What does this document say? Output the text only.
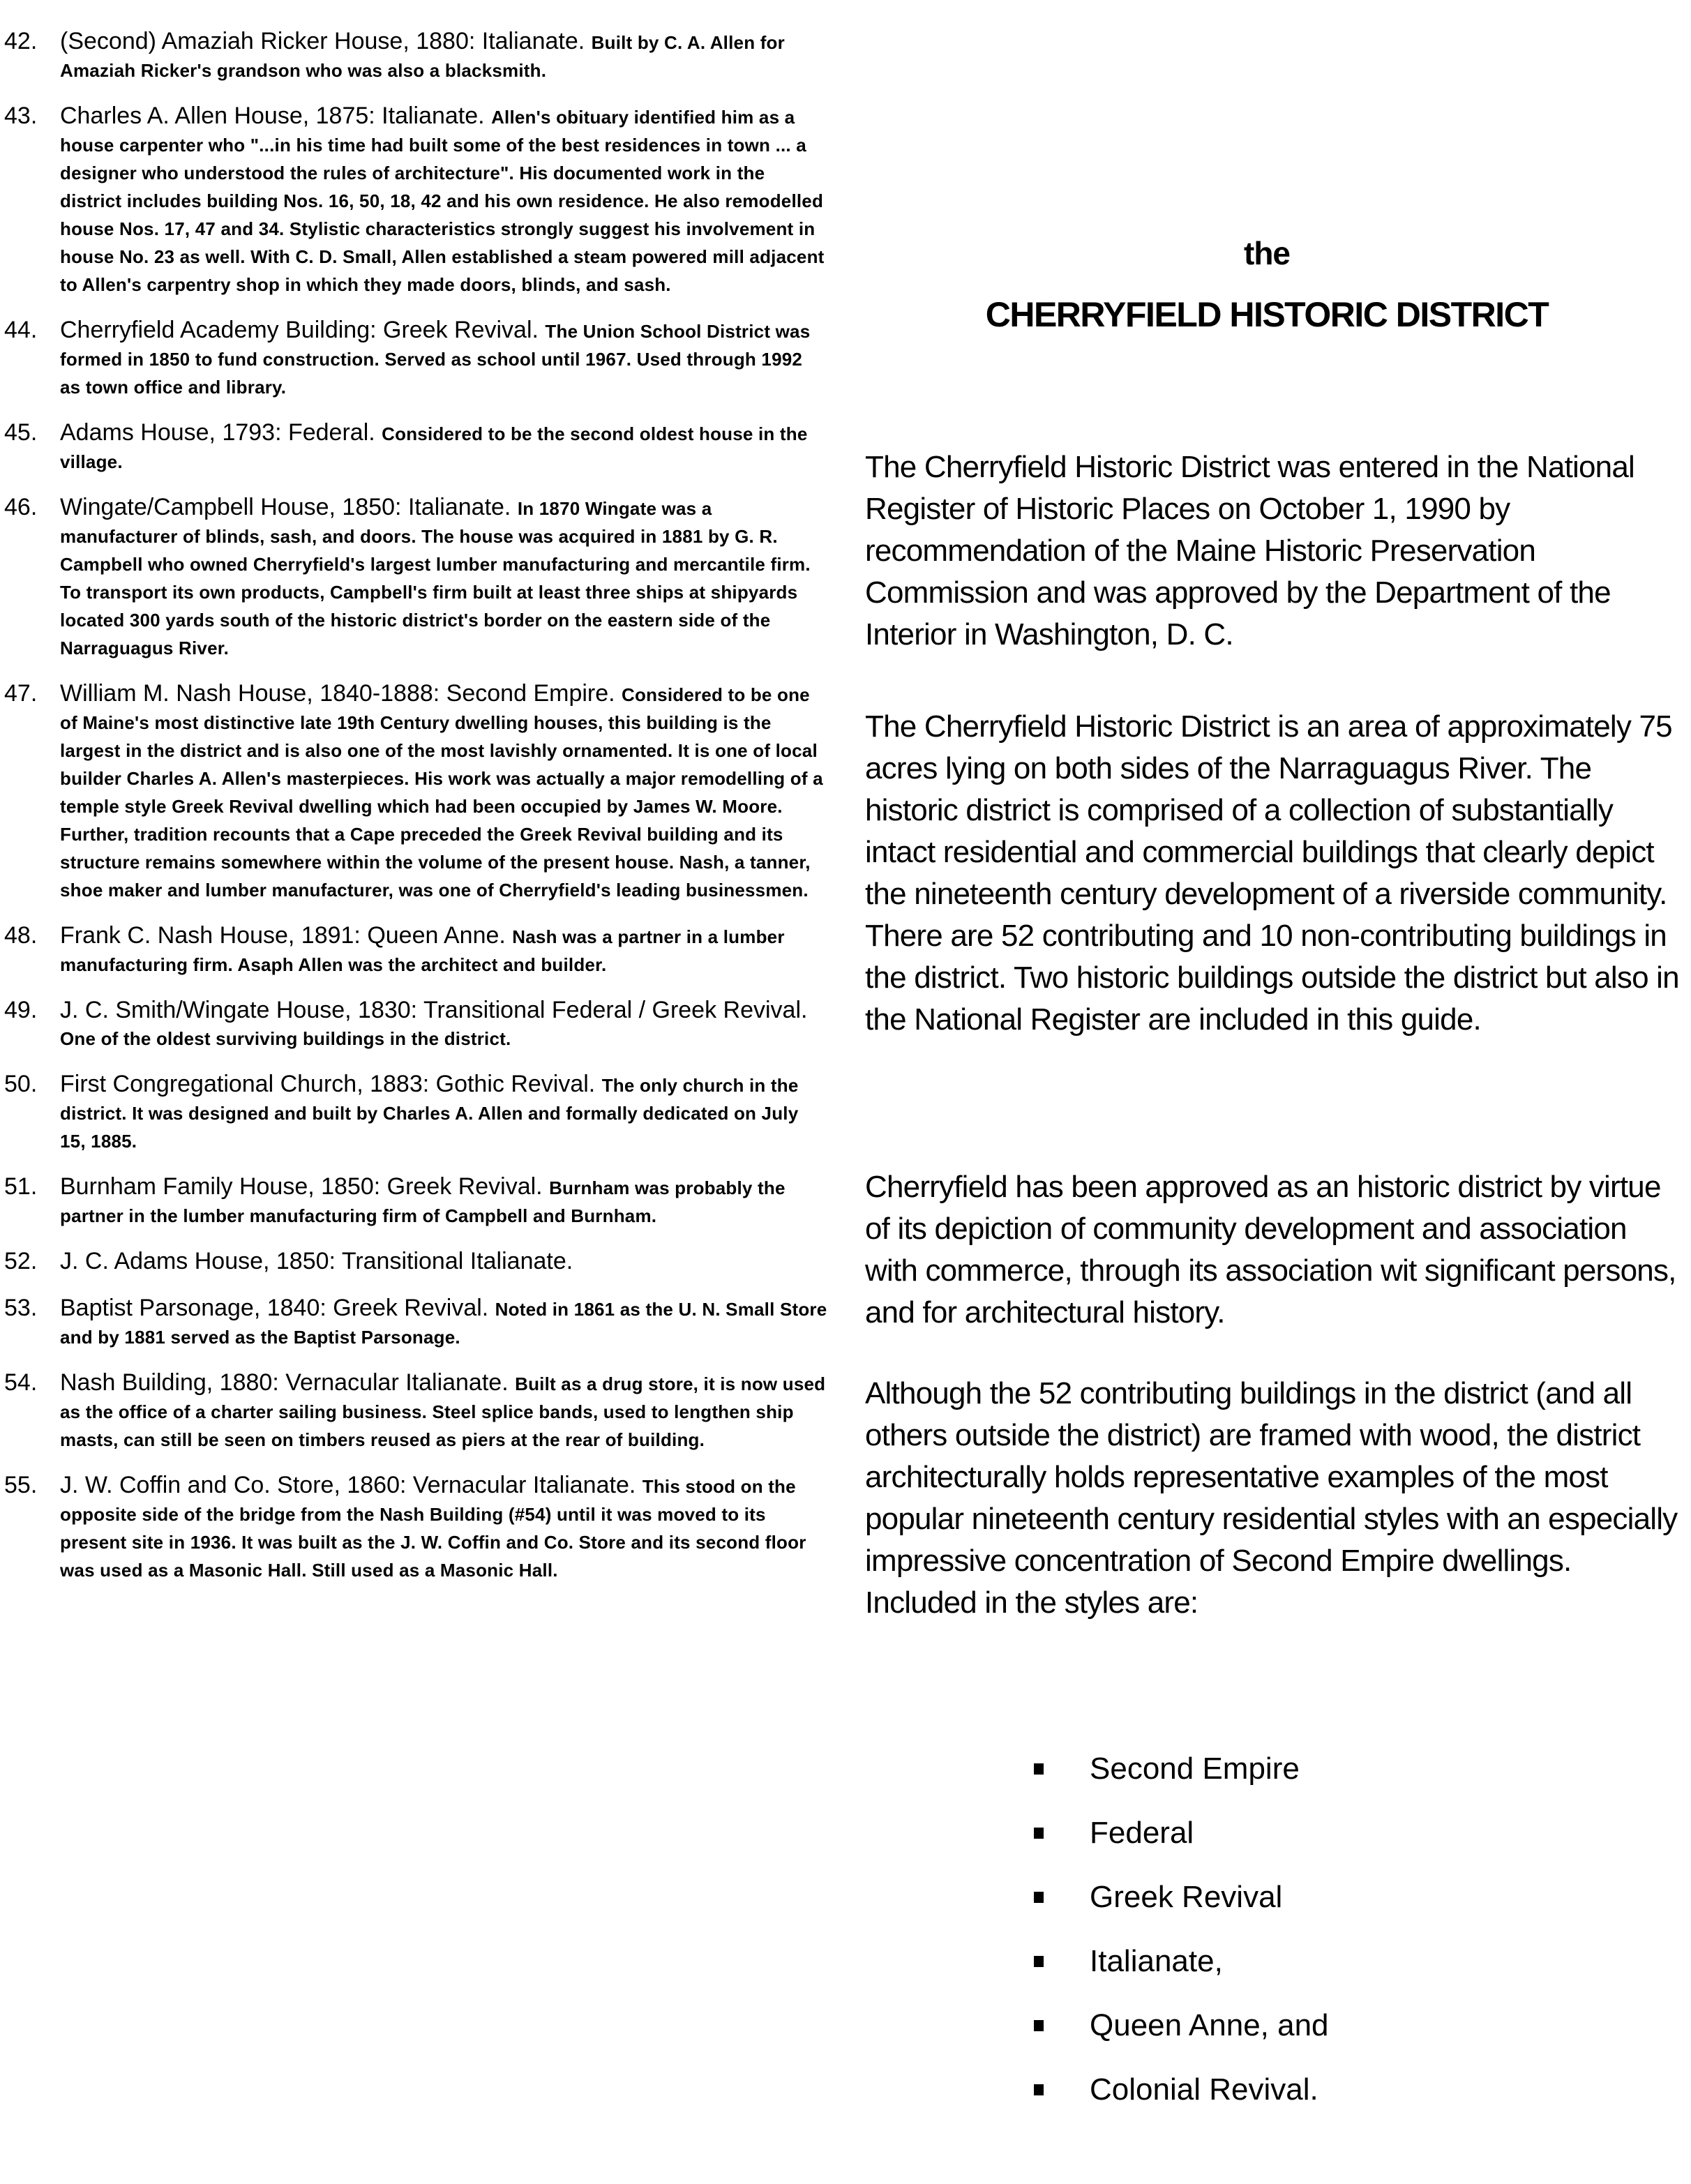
42. (Second) Amaziah Ricker House, 1880: Italianate. Built by C. A. Allen for Amaziah Ricker's grandson who was also a blacksmith.
43. Charles A. Allen House, 1875: Italianate. Allen's obituary identified him as a house carpenter who "...in his time had built some of the best residences in town ... a designer who understood the rules of architecture". His documented work in the district includes building Nos. 16, 50, 18, 42 and his own residence. He also remodelled house Nos. 17, 47 and 34. Stylistic characteristics strongly suggest his involvement in house No. 23 as well. With C. D. Small, Allen established a steam powered mill adjacent to Allen's carpentry shop in which they made doors, blinds, and sash.
44. Cherryfield Academy Building: Greek Revival. The Union School District was formed in 1850 to fund construction. Served as school until 1967. Used through 1992 as town office and library.
45. Adams House, 1793: Federal. Considered to be the second oldest house in the village.
46. Wingate/Campbell House, 1850: Italianate. In 1870 Wingate was a manufacturer of blinds, sash, and doors. The house was acquired in 1881 by G. R. Campbell who owned Cherryfield's largest lumber manufacturing and mercantile firm. To transport its own products, Campbell's firm built at least three ships at shipyards located 300 yards south of the historic district's border on the eastern side of the Narraguagus River.
47. William M. Nash House, 1840-1888: Second Empire. Considered to be one of Maine's most distinctive late 19th Century dwelling houses, this building is the largest in the district and is also one of the most lavishly ornamented. It is one of local builder Charles A. Allen's masterpieces. His work was actually a major remodelling of a temple style Greek Revival dwelling which had been occupied by James W. Moore. Further, tradition recounts that a Cape preceded the Greek Revival building and its structure remains somewhere within the volume of the present house. Nash, a tanner, shoe maker and lumber manufacturer, was one of Cherryfield's leading businessmen.
48. Frank C. Nash House, 1891: Queen Anne. Nash was a partner in a lumber manufacturing firm. Asaph Allen was the architect and builder.
49. J. C. Smith/Wingate House, 1830: Transitional Federal / Greek Revival. One of the oldest surviving buildings in the district.
50. First Congregational Church, 1883: Gothic Revival. The only church in the district. It was designed and built by Charles A. Allen and formally dedicated on July 15, 1885.
51. Burnham Family House, 1850: Greek Revival. Burnham was probably the partner in the lumber manufacturing firm of Campbell and Burnham.
52. J. C. Adams House, 1850: Transitional Italianate.
53. Baptist Parsonage, 1840: Greek Revival. Noted in 1861 as the U. N. Small Store and by 1881 served as the Baptist Parsonage.
54. Nash Building, 1880: Vernacular Italianate. Built as a drug store, it is now used as the office of a charter sailing business. Steel splice bands, used to lengthen ship masts, can still be seen on timbers reused as piers at the rear of building.
55. J. W. Coffin and Co. Store, 1860: Vernacular Italianate. This stood on the opposite side of the bridge from the Nash Building (#54) until it was moved to its present site in 1936. It was built as the J. W. Coffin and Co. Store and its second floor was used as a Masonic Hall. Still used as a Masonic Hall.
the
CHERRYFIELD HISTORIC DISTRICT
The Cherryfield Historic District was entered in the National Register of Historic Places on October 1, 1990 by recommendation of the Maine Historic Preservation Commission and was approved by the Department of the Interior in Washington, D. C.
The Cherryfield Historic District is an area of approximately 75 acres lying on both sides of the Narraguagus River. The historic district is comprised of a collection of substantially intact residential and commercial buildings that clearly depict the nineteenth century development of a riverside community. There are 52 contributing and 10 non-contributing buildings in the district. Two historic buildings outside the district but also in the National Register are included in this guide.
Cherryfield has been approved as an historic district by virtue of its depiction of community development and association with commerce, through its association wit significant persons, and for architectural history.
Although the 52 contributing buildings in the district (and all others outside the district) are framed with wood, the district architecturally holds representative examples of the most popular nineteenth century residential styles with an especially impressive concentration of Second Empire dwellings. Included in the styles are:
Second Empire
Federal
Greek Revival
Italianate,
Queen Anne, and
Colonial Revival.
